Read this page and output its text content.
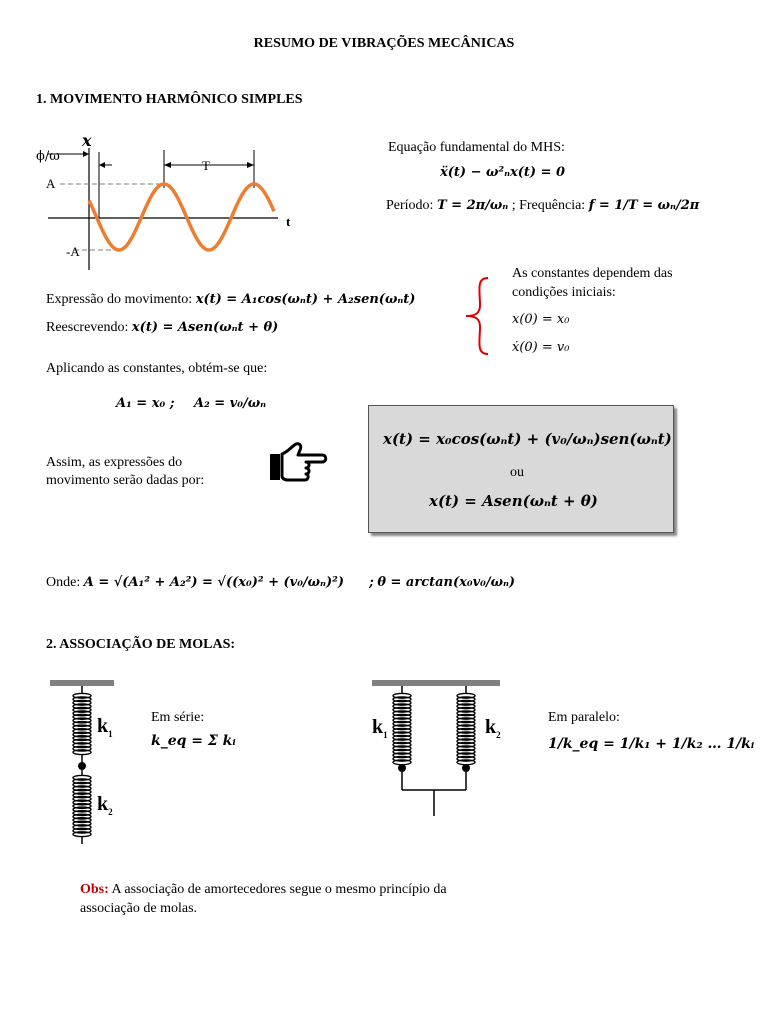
RESUMO DE VIBRAÇÕES MECÂNICAS
1. MOVIMENTO HARMÔNICO SIMPLES
x
t
ϕ/ω
A
-A
T
Equação fundamental do MHS:
ẍ(t) − ω²ₙx(t) = 0
Período: T = 2π/ωₙ ; Frequência: f = 1/T = ωₙ/2π
As constantes dependem das
condições iniciais:
x(0) = x₀
ẋ(0) = v₀
Expressão do movimento: x(t) = A₁cos(ωₙt) + A₂sen(ωₙt)
Reescrevendo: x(t) = Asen(ωₙt + θ)
Aplicando as constantes, obtém-se que:
A₁ = x₀ ; A₂ = v₀/ωₙ
Assim, as expressões do
movimento serão dadas por:
x(t) = x₀cos(ωₙt) + (v₀/ωₙ)sen(ωₙt)
ou
x(t) = Asen(ωₙt + θ)
Onde: A = √(A₁² + A₂²) = √((x₀)² + (v₀/ωₙ)²) ; θ = arctan(x₀v₀/ωₙ)
2. ASSOCIAÇÃO DE MOLAS:
$k_1$
$k_2$
Em série:
k_eq = Σ kᵢ
$k_1$	$k_2$
Em paralelo:
1/k_eq = 1/k₁ + 1/k₂ … 1/kᵢ
Obs: A associação de amortecedores segue o mesmo princípio da
associação de molas.
